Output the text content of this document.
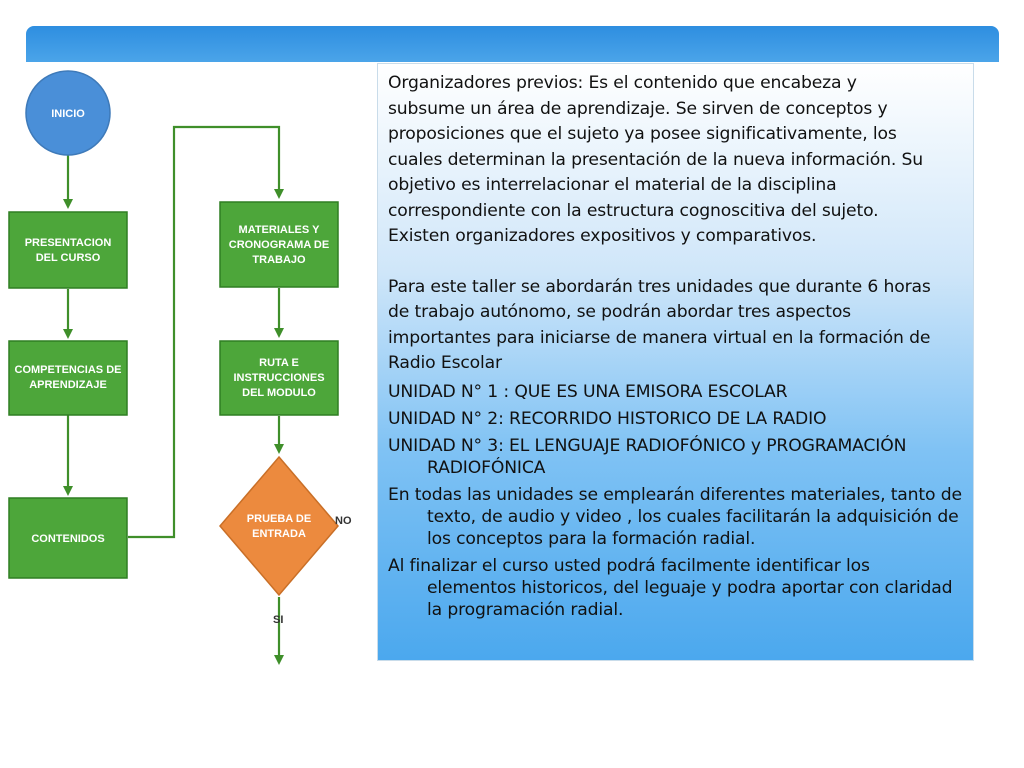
INICIO
PRESENTACION
DEL CURSO
COMPETENCIAS DE
APRENDIZAJE
CONTENIDOS
MATERIALES Y
CRONOGRAMA DE
TRABAJO
RUTA E
INSTRUCCIONES
DEL MODULO
PRUEBA DE
ENTRADA
NO
SI

Organizadores previos: Es el contenido que encabeza y

subsume un área de aprendizaje. Se sirven de conceptos y

proposiciones que el sujeto ya posee significativamente, los

cuales determinan la presentación de la nueva información. Su

objetivo es interrelacionar el material de la disciplina

correspondiente con la estructura cognoscitiva del sujeto.

Existen organizadores expositivos y comparativos.

Para este taller se abordarán tres unidades que durante 6 horas

de trabajo autónomo, se podrán abordar tres aspectos

importantes para iniciarse de manera virtual en la formación de

Radio Escolar

UNIDAD N° 1 : QUE ES UNA EMISORA ESCOLAR

UNIDAD N° 2: RECORRIDO HISTORICO DE LA RADIO

UNIDAD N° 3: EL LENGUAJE RADIOFÓNICO y PROGRAMACIÓN RADIOFÓNICA

En todas las unidades se emplearán diferentes materiales, tanto de texto, de audio y video , los cuales facilitarán la adquisición de los conceptos para la formación radial.

Al finalizar el curso usted podrá facilmente identificar los elementos historicos, del leguaje y podra aportar con claridad la programación radial.
